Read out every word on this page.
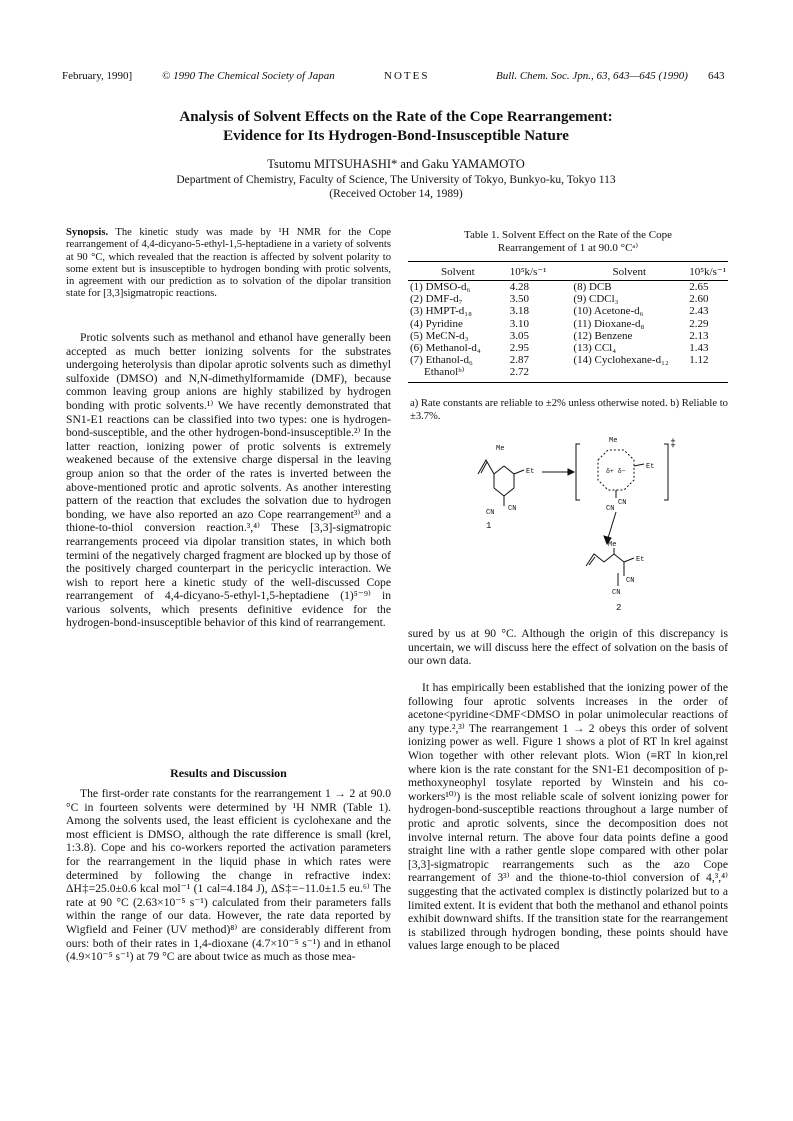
February, 1990]	© 1990 The Chemical Society of Japan	NOTES	Bull. Chem. Soc. Jpn., 63, 643—645 (1990) 643
Analysis of Solvent Effects on the Rate of the Cope Rearrangement:
Evidence for Its Hydrogen-Bond-Insusceptible Nature
Tsutomu MITSUHASHI* and Gaku YAMAMOTO
Department of Chemistry, Faculty of Science, The University of Tokyo, Bunkyo-ku, Tokyo 113
(Received October 14, 1989)
Synopsis. The kinetic study was made by ¹H NMR for the Cope rearrangement of 4,4-dicyano-5-ethyl-1,5-heptadiene in a variety of solvents at 90 °C, which revealed that the reaction is affected by solvent polarity to some extent but is insusceptible to hydrogen bonding with protic solvents, in agreement with our prediction as to solvation of the dipolar transition state for [3,3]sigmatropic reactions.

Protic solvents such as methanol and ethanol have generally been accepted as much better ionizing solvents for the substrates undergoing heterolysis than dipolar aprotic solvents such as dimethyl sulfoxide (DMSO) and N,N-dimethylformamide (DMF), because common leaving group anions are highly stabilized by hydrogen bonding with protic solvents.¹⁾ We have recently demonstrated that SN1-E1 reactions can be classified into two types: one is hydrogen-bond-susceptible, and the other hydrogen-bond-insusceptible.²⁾ In the latter reaction, ionizing power of protic solvents is extremely weakened because of the extensive charge dispersal in the leaving group anion so that the order of the rates is inverted between the above-mentioned protic and aprotic solvents. As another interesting pattern of the reaction that excludes the solvation due to hydrogen bonding, we have also reported an azo Cope rearrangement³⁾ and a thione-to-thiol conversion reaction.³,⁴⁾ These [3,3]-sigmatropic rearrangements proceed via dipolar transition states, in which both termini of the negatively charged fragment are blocked up by those of the positively charged counterpart in the pericyclic interaction. We wish to report here a kinetic study of the well-discussed Cope rearrangement of 4,4-dicyano-5-ethyl-1,5-heptadiene (1)⁵⁻⁹⁾ in various solvents, which presents definitive evidence for the hydrogen-bond-insusceptible behavior of this kind of rearrangement.

Results and Discussion

The first-order rate constants for the rearrangement 1 → 2 at 90.0 °C in fourteen solvents were determined by ¹H NMR (Table 1). Among the solvents used, the least efficient is cyclohexane and the most efficient is DMSO, although the rate difference is small (krel, 1:3.8). Cope and his co-workers reported the activation parameters for the rearrangement in the liquid phase in which rates were determined by following the change in refractive index: ΔH‡=25.0±0.6 kcal mol⁻¹ (1 cal=4.184 J), ΔS‡=−11.0±1.5 eu.⁶⁾ The rate at 90 °C (2.63×10⁻⁵ s⁻¹) calculated from their parameters falls within the range of our data. However, the rate data reported by Wigfield and Feiner (UV method)⁸⁾ are considerably different from ours: both of their rates in 1,4-dioxane (4.7×10⁻⁵ s⁻¹) and in ethanol (4.9×10⁻⁵ s⁻¹) at 79 °C are about twice as much as those mea-

Table 1. Solvent Effect on the Rate of the Cope
Rearrangement of 1 at 90.0 °Cᵃ⁾
Solvent	10⁵k/s⁻¹	Solvent	10⁵k/s⁻¹
(1) DMSO-d₆	4.28	(8) DCB	2.65
(2) DMF-d₇	3.50	(9) CDCl₃	2.60
(3) HMPT-d₁₈	3.18	(10) Acetone-d₆	2.43
(4) Pyridine	3.10	(11) Dioxane-d₈	2.29
(5) MeCN-d₃	3.05	(12) Benzene	2.13
(6) Methanol-d₄	2.95	(13) CCl₄	1.43
(7) Ethanol-d₆	2.87	(14) Cyclohexane-d₁₂	1.12
Ethanolᵇ⁾	2.72		
a) Rate constants are reliable to ±2% unless otherwise noted. b) Reliable to ±3.7%.
Me
Et
CN CN
1
Me
δ+ δ−
Et
CN
CN
‡
Me
Et
CN
CN
2

sured by us at 90 °C. Although the origin of this discrepancy is uncertain, we will discuss here the effect of solvation on the basis of our own data.

It has empirically been established that the ionizing power of the following four aprotic solvents increases in the order of acetone<pyridine<DMF<DMSO in polar unimolecular reactions of any type.²,³⁾ The rearrangement 1 → 2 obeys this order of solvent ionizing power as well. Figure 1 shows a plot of RT ln krel against Wion together with other relevant plots. Wion (≡RT ln kion,rel where kion is the rate constant for the SN1-E1 decomposition of p-methoxyneophyl tosylate reported by Winstein and his co-workers¹⁰⁾) is the most reliable scale of solvent ionizing power for hydrogen-bond-susceptible reactions throughout a large number of protic and aprotic solvents, since the decomposition does not involve internal return. The above four data points define a good straight line with a rather gentle slope compared with other polar [3,3]-sigmatropic rearrangements such as the azo Cope rearrangement of 3³⁾ and the thione-to-thiol conversion of 4,³,⁴⁾ suggesting that the activated complex is distinctly polarized but to a limited extent. It is evident that both the methanol and ethanol points exhibit downward shifts. If the transition state for the rearrangement is stabilized through hydrogen bonding, these points should have values large enough to be placed
